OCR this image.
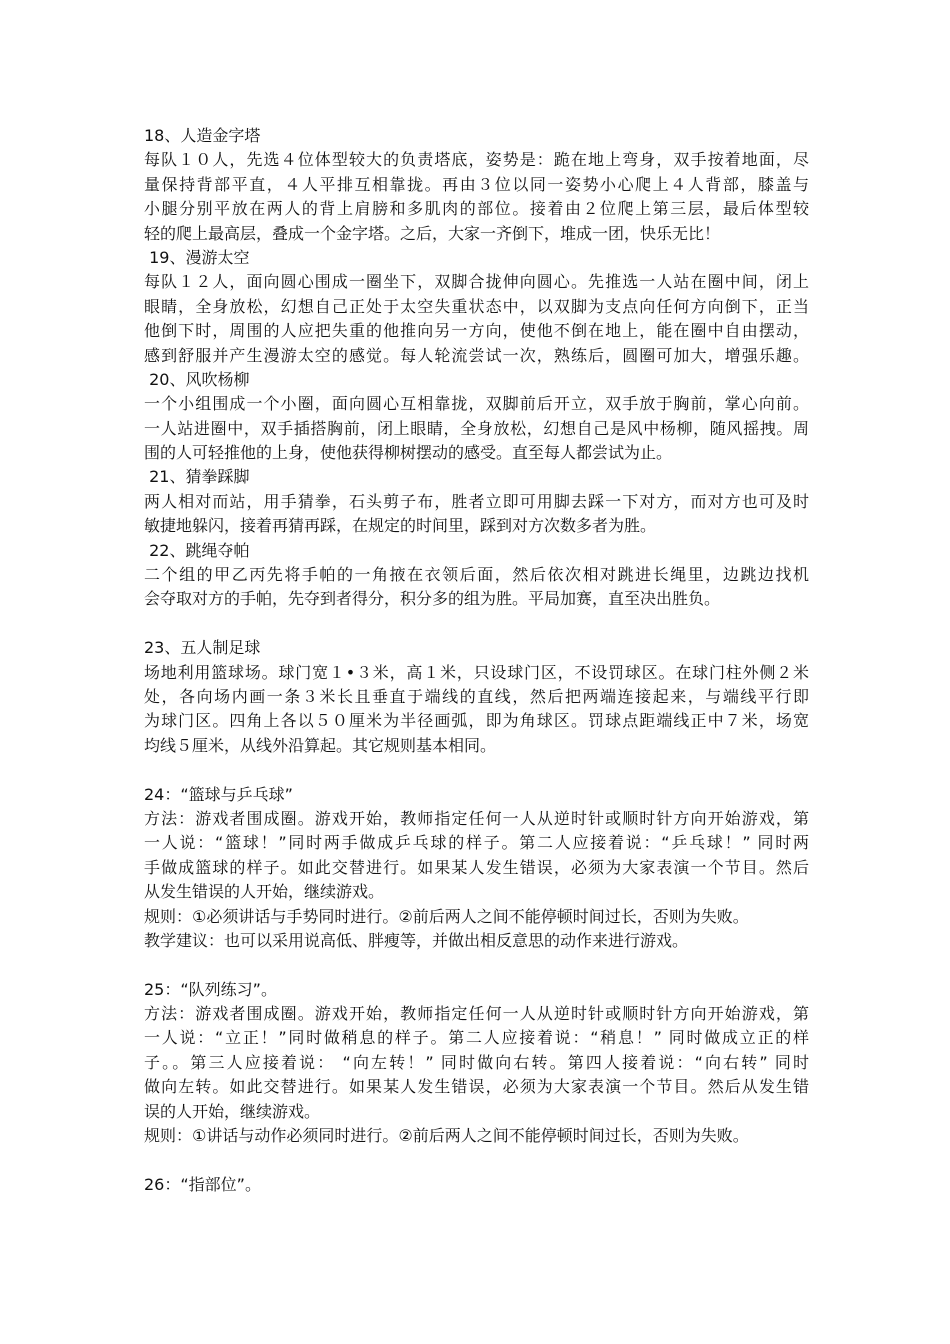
18、人造金字塔
每队１０人，先选４位体型较大的负责塔底，姿势是：跪在地上弯身，双手按着地面，尽
量保持背部平直，４人平排互相靠拢。再由３位以同一姿势小心爬上４人背部，膝盖与
小腿分别平放在两人的背上肩膀和多肌肉的部位。接着由２位爬上第三层，最后体型较
轻的爬上最高层，叠成一个金字塔。之后，大家一齐倒下，堆成一团，快乐无比！
19、漫游太空
每队１２人，面向圆心围成一圈坐下，双脚合拢伸向圆心。先推选一人站在圈中间，闭上
眼睛，全身放松，幻想自己正处于太空失重状态中，以双脚为支点向任何方向倒下，正当
他倒下时，周围的人应把失重的他推向另一方向，使他不倒在地上，能在圈中自由摆动，
感到舒服并产生漫游太空的感觉。每人轮流尝试一次，熟练后，圆圈可加大，增强乐趣。
20、风吹杨柳
一个小组围成一个小圈，面向圆心互相靠拢，双脚前后开立，双手放于胸前，掌心向前。
一人站进圈中，双手插搭胸前，闭上眼睛，全身放松，幻想自己是风中杨柳，随风摇拽。周
围的人可轻推他的上身，使他获得柳树摆动的感受。直至每人都尝试为止。
21、猜拳踩脚
两人相对而站，用手猜拳，石头剪子布，胜者立即可用脚去踩一下对方，而对方也可及时
敏捷地躲闪，接着再猜再踩，在规定的时间里，踩到对方次数多者为胜。
22、跳绳夺帕
二个组的甲乙丙先将手帕的一角掖在衣领后面，然后依次相对跳进长绳里，边跳边找机
会夺取对方的手帕，先夺到者得分，积分多的组为胜。平局加赛，直至决出胜负。
23、五人制足球
场地利用篮球场。球门宽１•３米，高１米，只设球门区，不设罚球区。在球门柱外侧２米
处，各向场内画一条３米长且垂直于端线的直线，然后把两端连接起来，与端线平行即
为球门区。四角上各以５０厘米为半径画弧，即为角球区。罚球点距端线正中７米，场宽
均线５厘米，从线外沿算起。其它规则基本相同。
24：“篮球与乒乓球”
方法：游戏者围成圈。游戏开始，教师指定任何一人从逆时针或顺时针方向开始游戏，第
一人说：“篮球！”同时两手做成乒乓球的样子。第二人应接着说：“乒乓球！” 同时两
手做成篮球的样子。如此交替进行。如果某人发生错误，必须为大家表演一个节目。然后
从发生错误的人开始，继续游戏。
规则：①必须讲话与手势同时进行。②前后两人之间不能停顿时间过长，否则为失败。
教学建议：也可以采用说高低、胖瘦等，并做出相反意思的动作来进行游戏。
25：“队列练习”。
方法：游戏者围成圈。游戏开始，教师指定任何一人从逆时针或顺时针方向开始游戏，第
一人说：“立正！”同时做稍息的样子。第二人应接着说：“稍息！” 同时做成立正的样
子。。第三人应接着说： “向左转！” 同时做向右转。第四人接着说：“向右转” 同时
做向左转。如此交替进行。如果某人发生错误，必须为大家表演一个节目。然后从发生错
误的人开始，继续游戏。
规则：①讲话与动作必须同时进行。②前后两人之间不能停顿时间过长，否则为失败。
26：“指部位”。
